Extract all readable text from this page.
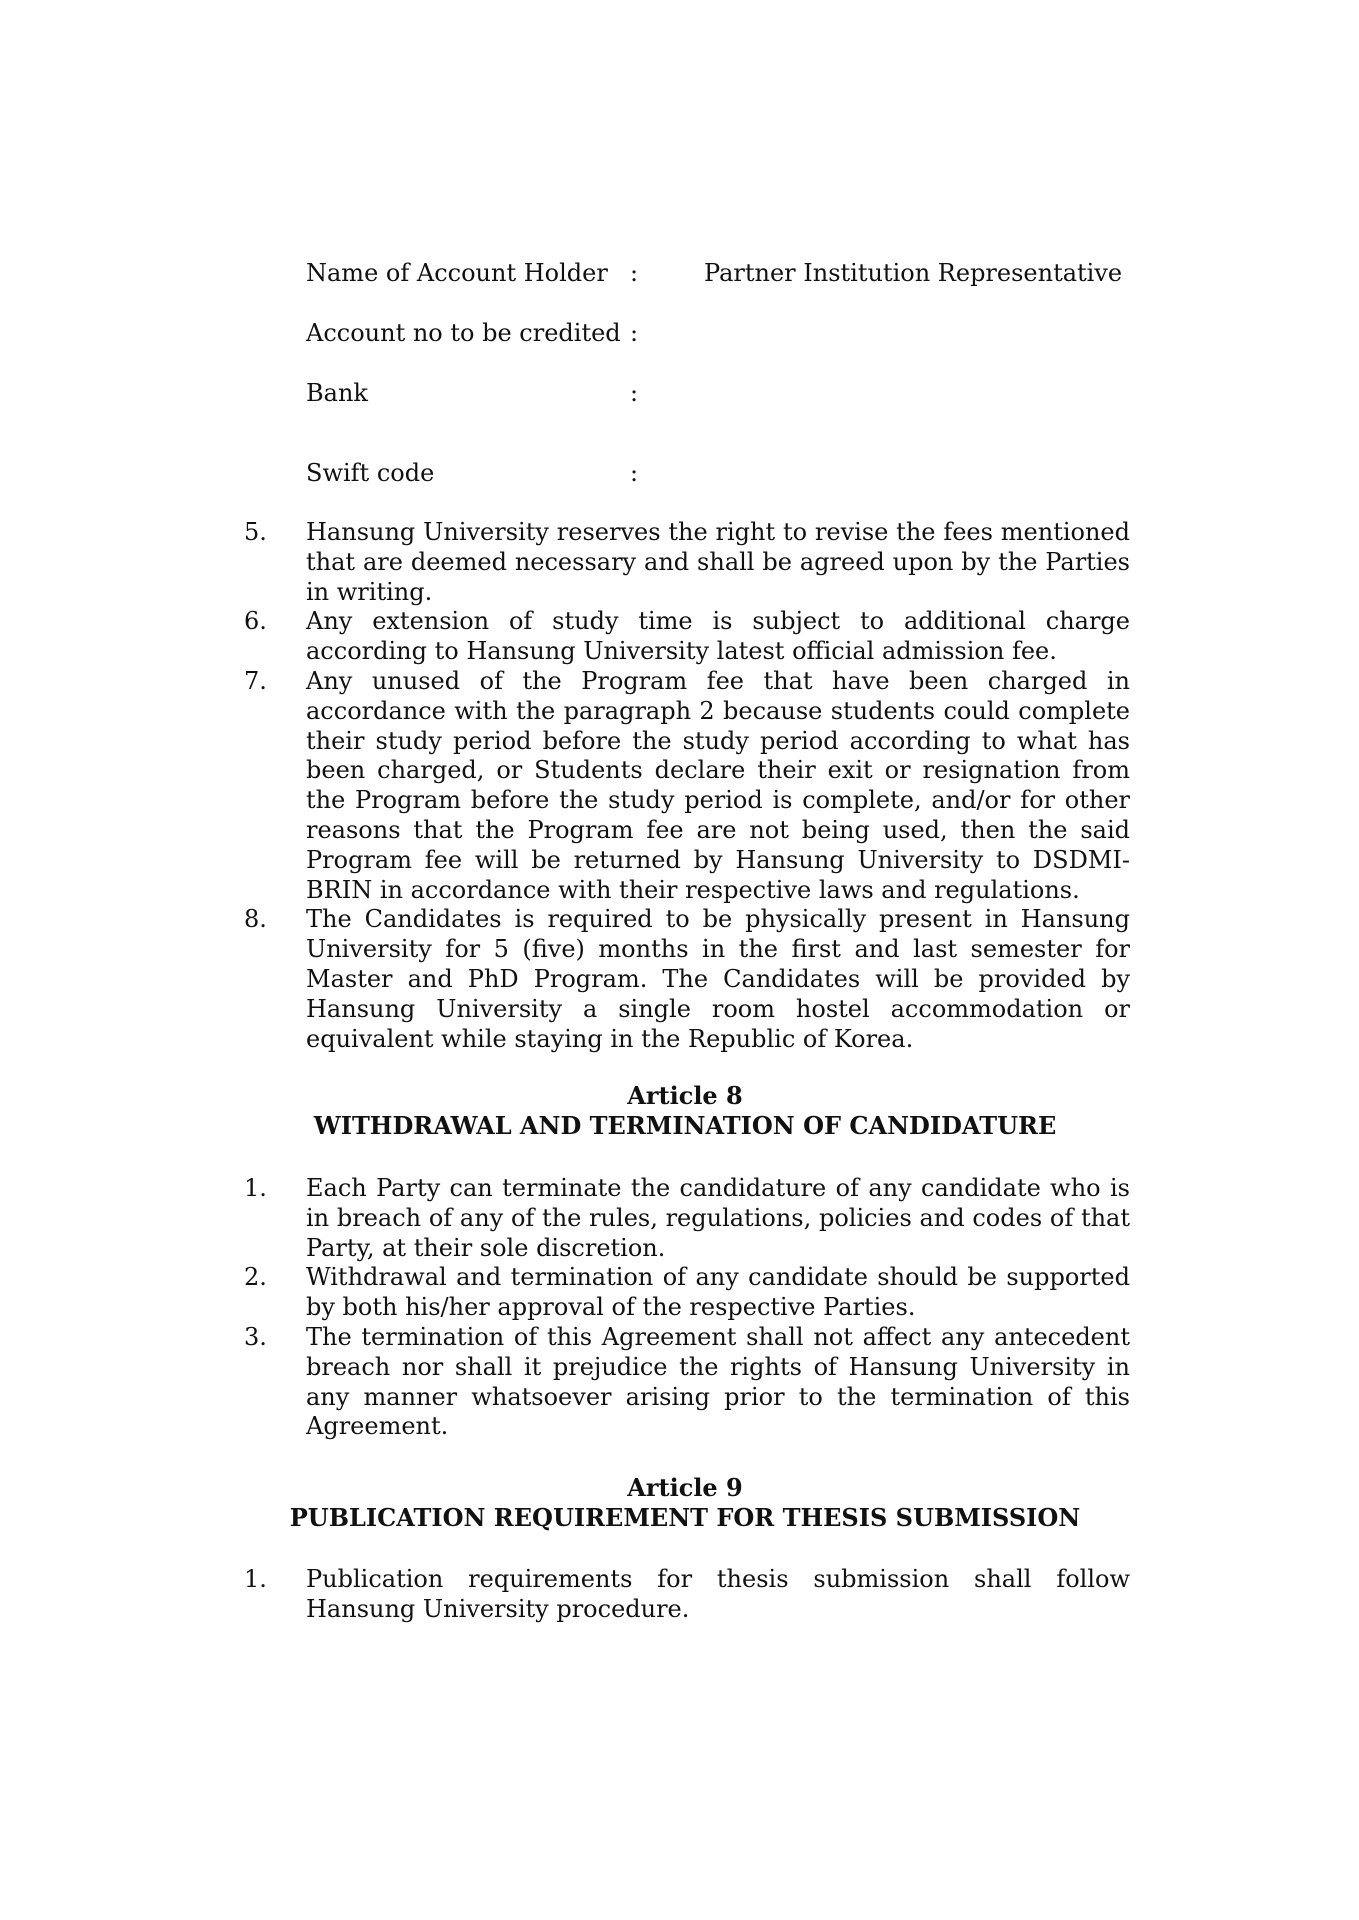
Name of Account Holder :	Partner Institution Representative
Account no to be credited :
Bank	:
Swift code	:
5. Hansung University reserves the right to revise the fees mentioned that are deemed necessary and shall be agreed upon by the Parties in writing.
6. Any extension of study time is subject to additional charge according to Hansung University latest official admission fee.
7. Any unused of the Program fee that have been charged in accordance with the paragraph 2 because students could complete their study period before the study period according to what has been charged, or Students declare their exit or resignation from the Program before the study period is complete, and/or for other reasons that the Program fee are not being used, then the said Program fee will be returned by Hansung University to DSDMI-BRIN in accordance with their respective laws and regulations.
8. The Candidates is required to be physically present in Hansung University for 5 (five) months in the first and last semester for Master and PhD Program. The Candidates will be provided by Hansung University a single room hostel accommodation or equivalent while staying in the Republic of Korea.
Article 8
WITHDRAWAL AND TERMINATION OF CANDIDATURE
1. Each Party can terminate the candidature of any candidate who is in breach of any of the rules, regulations, policies and codes of that Party, at their sole discretion.
2. Withdrawal and termination of any candidate should be supported by both his/her approval of the respective Parties.
3. The termination of this Agreement shall not affect any antecedent breach nor shall it prejudice the rights of Hansung University in any manner whatsoever arising prior to the termination of this Agreement.
Article 9
PUBLICATION REQUIREMENT FOR THESIS SUBMISSION
1. Publication requirements for thesis submission shall follow Hansung University procedure.
